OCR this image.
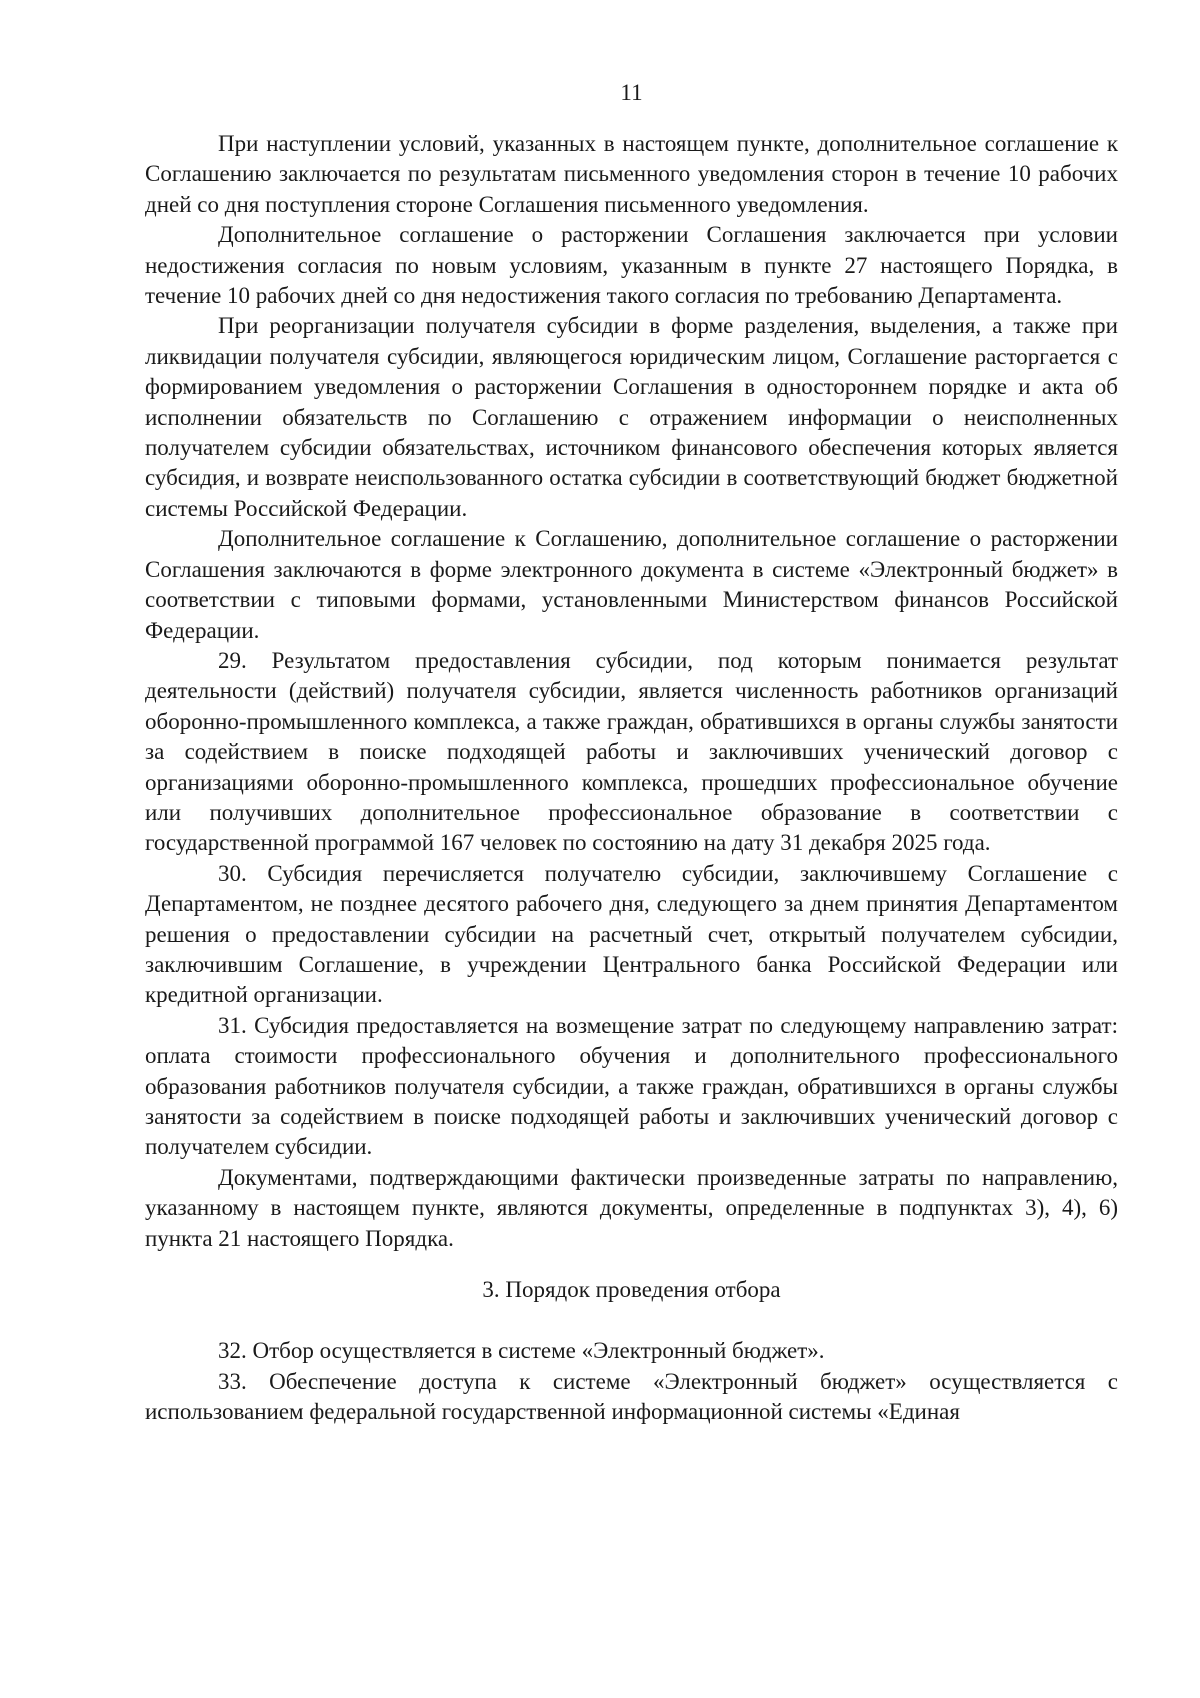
11

При наступлении условий, указанных в настоящем пункте, дополнительное соглашение к Соглашению заключается по результатам письменного уведомления сторон в течение 10 рабочих дней со дня поступления стороне Соглашения письменного уведомления.

Дополнительное соглашение о расторжении Соглашения заключается при условии недостижения согласия по новым условиям, указанным в пункте 27 настоящего Порядка, в течение 10 рабочих дней со дня недостижения такого согласия по требованию Департамента.

При реорганизации получателя субсидии в форме разделения, выделения, а также при ликвидации получателя субсидии, являющегося юридическим лицом, Соглашение расторгается с формированием уведомления о расторжении Соглашения в одностороннем порядке и акта об исполнении обязательств по Соглашению с отражением информации о неисполненных получателем субсидии обязательствах, источником финансового обеспечения которых является субсидия, и возврате неиспользованного остатка субсидии в соответствующий бюджет бюджетной системы Российской Федерации.

Дополнительное соглашение к Соглашению, дополнительное соглашение о расторжении Соглашения заключаются в форме электронного документа в системе «Электронный бюджет» в соответствии с типовыми формами, установленными Министерством финансов Российской Федерации.

29. Результатом предоставления субсидии, под которым понимается результат деятельности (действий) получателя субсидии, является численность работников организаций оборонно-промышленного комплекса, а также граждан, обратившихся в органы службы занятости за содействием в поиске подходящей работы и заключивших ученический договор с организациями оборонно-промышленного комплекса, прошедших профессиональное обучение или получивших дополнительное профессиональное образование в соответствии с государственной программой 167 человек по состоянию на дату 31 декабря 2025 года.

30. Субсидия перечисляется получателю субсидии, заключившему Соглашение с Департаментом, не позднее десятого рабочего дня, следующего за днем принятия Департаментом решения о предоставлении субсидии на расчетный счет, открытый получателем субсидии, заключившим Соглашение, в учреждении Центрального банка Российской Федерации или кредитной организации.

31. Субсидия предоставляется на возмещение затрат по следующему направлению затрат: оплата стоимости профессионального обучения и дополнительного профессионального образования работников получателя субсидии, а также граждан, обратившихся в органы службы занятости за содействием в поиске подходящей работы и заключивших ученический договор с получателем субсидии.

Документами, подтверждающими фактически произведенные затраты по направлению, указанному в настоящем пункте, являются документы, определенные в подпунктах 3), 4), 6) пункта 21 настоящего Порядка.

3. Порядок проведения отбора

32. Отбор осуществляется в системе «Электронный бюджет».

33. Обеспечение доступа к системе «Электронный бюджет» осуществляется с использованием федеральной государственной информационной системы «Единая
